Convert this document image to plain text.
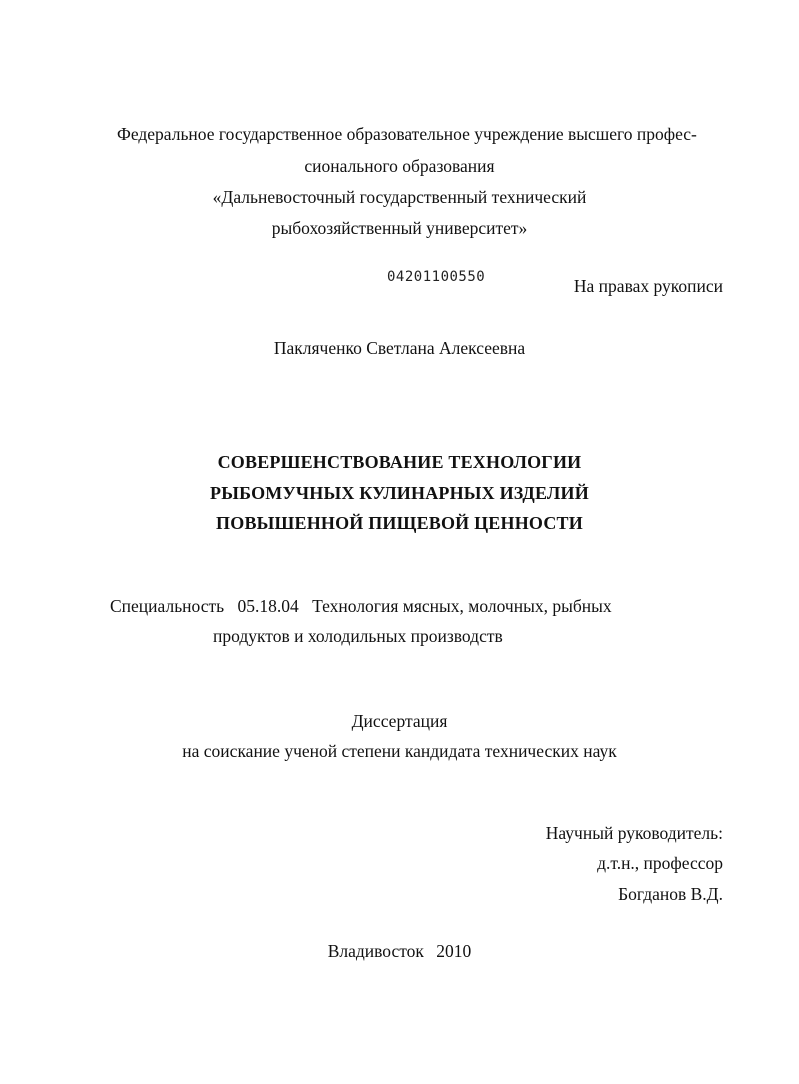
Федеральное государственное образовательное учреждение высшего профес-
сионального образования
«Дальневосточный государственный технический
рыбохозяйственный университет»
04201100550	На правах рукописи
Пакляченко Светлана Алексеевна
СОВЕРШЕНСТВОВАНИЕ ТЕХНОЛОГИИ
РЫБОМУЧНЫХ КУЛИНАРНЫХ ИЗДЕЛИЙ
ПОВЫШЕННОЙ ПИЩЕВОЙ ЦЕННОСТИ
Специальность 05.18.04 Технология мясных, молочных, рыбных
продуктов и холодильных производств
Диссертация
на соискание ученой степени кандидата технических наук
Научный руководитель:
д.т.н., профессор
Богданов В.Д.
Владивосток 2010
